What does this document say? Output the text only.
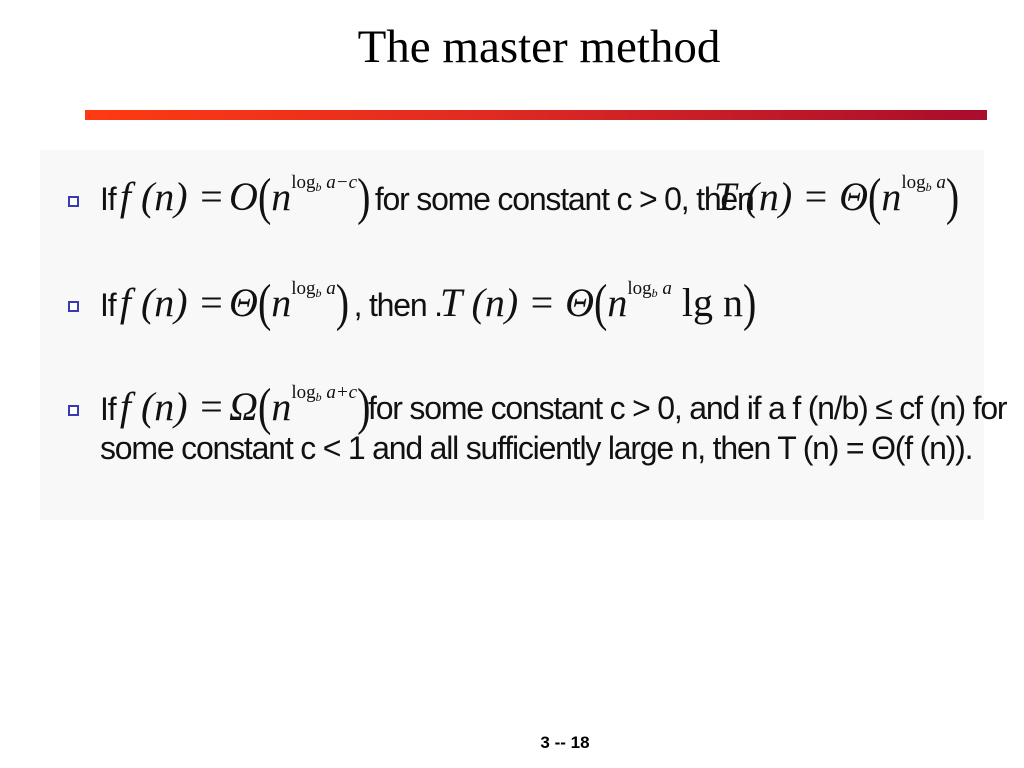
The master method
If f $(n) = O(n^{log_b a-c})$ for some constant c > 0, then
T $(n) = \Theta(n^{log_b a})$
If f $(n) = \Theta(n^{log_b a})$ , then .
T $(n) = \Theta(n^{log_b a}$ lg n)
If f $(n) = \Omega(n^{log_b a+c})$
for some constant c > 0, and if a f (n/b) ≤ cf (n) for
some constant c < 1 and all sufficiently large n, then T (n) = Θ(f (n)).
3 -- 18
